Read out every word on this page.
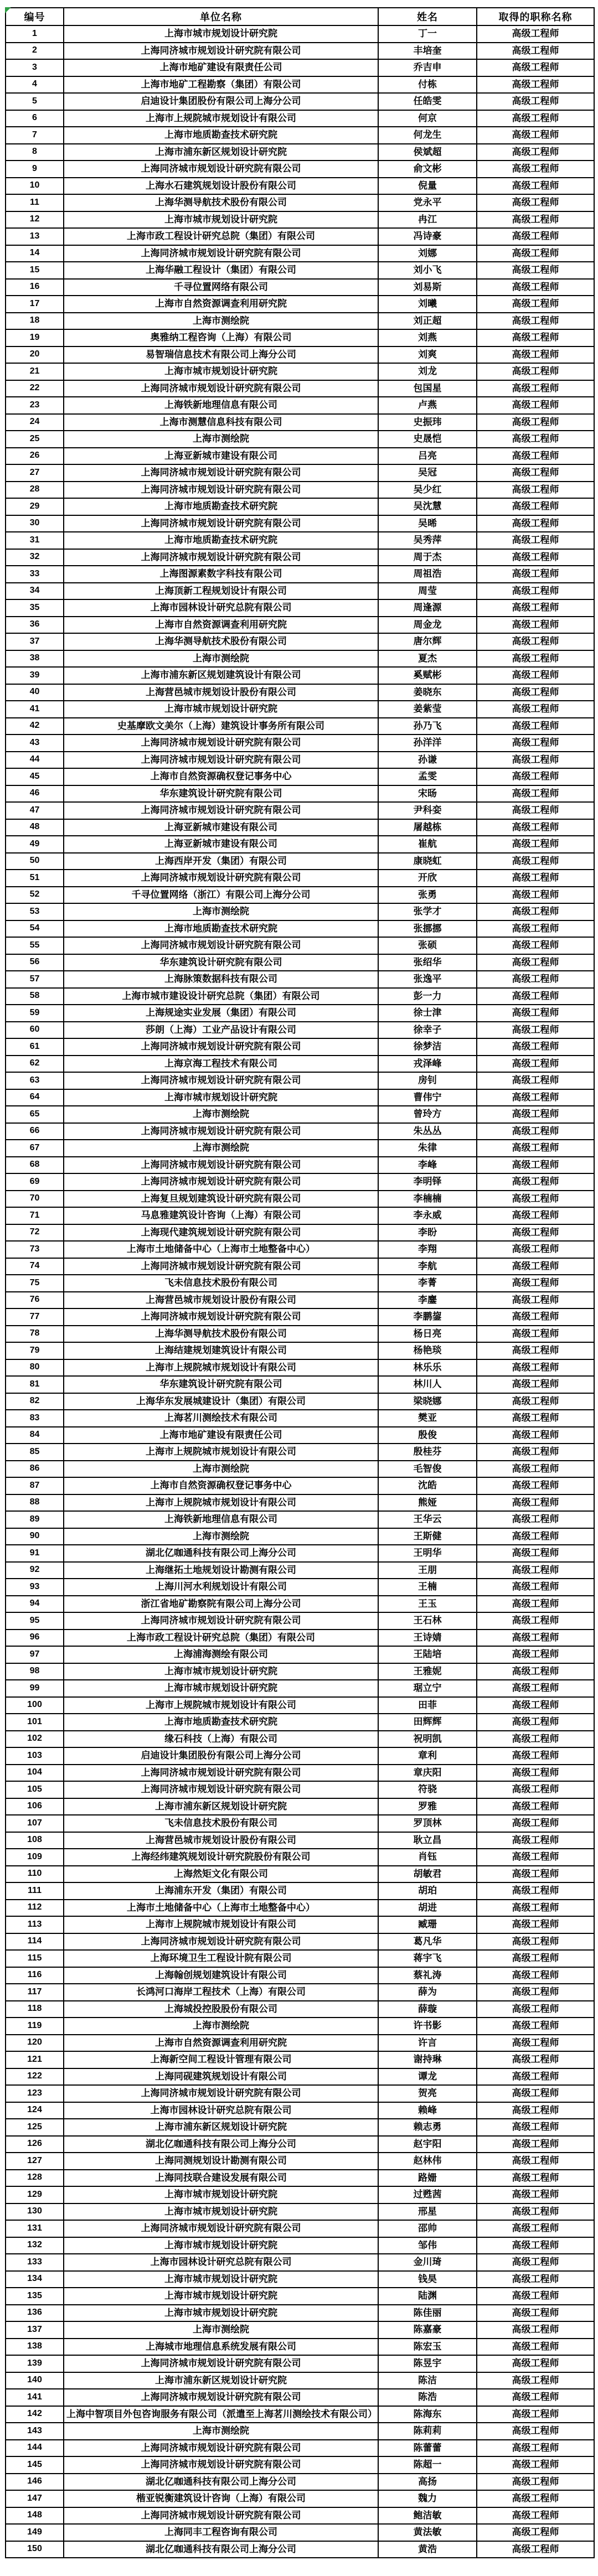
编号	单位名称	姓名	取得的职称名称
1	上海市城市规划设计研究院	丁一	高级工程师
2	上海同济城市规划设计研究院有限公司	丰培奎	高级工程师
3	上海市地矿建设有限责任公司	乔吉申	高级工程师
4	上海市地矿工程勘察（集团）有限公司	付栋	高级工程师
5	启迪设计集团股份有限公司上海分公司	任皓雯	高级工程师
6	上海市上规院城市规划设计有限公司	何京	高级工程师
7	上海市地质勘查技术研究院	何龙生	高级工程师
8	上海市浦东新区规划设计研究院	侯斌超	高级工程师
9	上海同济城市规划设计研究院有限公司	俞文彬	高级工程师
10	上海水石建筑规划设计股份有限公司	倪量	高级工程师
11	上海华测导航技术股份有限公司	党永平	高级工程师
12	上海市城市规划设计研究院	冉江	高级工程师
13	上海市政工程设计研究总院（集团）有限公司	冯诗豪	高级工程师
14	上海同济城市规划设计研究院有限公司	刘娜	高级工程师
15	上海华融工程设计（集团）有限公司	刘小飞	高级工程师
16	千寻位置网络有限公司	刘易斯	高级工程师
17	上海市自然资源调查利用研究院	刘曦	高级工程师
18	上海市测绘院	刘正超	高级工程师
19	奥雅纳工程咨询（上海）有限公司	刘燕	高级工程师
20	易智瑞信息技术有限公司上海分公司	刘爽	高级工程师
21	上海市城市规划设计研究院	刘龙	高级工程师
22	上海同济城市规划设计研究院有限公司	包国星	高级工程师
23	上海铁新地理信息有限公司	卢燕	高级工程师
24	上海市测慧信息科技有限公司	史振玮	高级工程师
25	上海市测绘院	史晟恺	高级工程师
26	上海亚新城市建设有限公司	吕亮	高级工程师
27	上海同济城市规划设计研究院有限公司	吴冠	高级工程师
28	上海同济城市规划设计研究院有限公司	吴少红	高级工程师
29	上海市地质勘查技术研究院	吴沈慧	高级工程师
30	上海同济城市规划设计研究院有限公司	吴晞	高级工程师
31	上海市地质勘查技术研究院	吴秀萍	高级工程师
32	上海同济城市规划设计研究院有限公司	周于杰	高级工程师
33	上海图源素数字科技有限公司	周祖浩	高级工程师
34	上海顶新工程规划设计有限公司	周莹	高级工程师
35	上海市园林设计研究总院有限公司	周逢源	高级工程师
36	上海市自然资源调查利用研究院	周金龙	高级工程师
37	上海华测导航技术股份有限公司	唐尔辉	高级工程师
38	上海市测绘院	夏杰	高级工程师
39	上海市浦东新区规划建筑设计有限公司	奚赋彬	高级工程师
40	上海营邑城市规划设计股份有限公司	姜晓东	高级工程师
41	上海市城市规划设计研究院	姜紫莹	高级工程师
42	史基摩欧文美尔（上海）建筑设计事务所有限公司	孙乃飞	高级工程师
43	上海同济城市规划设计研究院有限公司	孙洋洋	高级工程师
44	上海同济城市规划设计研究院有限公司	孙谦	高级工程师
45	上海市自然资源确权登记事务中心	孟雯	高级工程师
46	华东建筑设计研究院有限公司	宋旸	高级工程师
47	上海同济城市规划设计研究院有限公司	尹科娈	高级工程师
48	上海亚新城市建设有限公司	屠越栋	高级工程师
49	上海亚新城市建设有限公司	崔航	高级工程师
50	上海西岸开发（集团）有限公司	康晓虹	高级工程师
51	上海同济城市规划设计研究院有限公司	开欣	高级工程师
52	千寻位置网络（浙江）有限公司上海分公司	张勇	高级工程师
53	上海市测绘院	张学才	高级工程师
54	上海市地质勘查技术研究院	张挪挪	高级工程师
55	上海同济城市规划设计研究院有限公司	张硕	高级工程师
56	华东建筑设计研究院有限公司	张绍华	高级工程师
57	上海脉策数据科技有限公司	张逸平	高级工程师
58	上海市城市建设设计研究总院（集团）有限公司	彭一力	高级工程师
59	上海规途实业发展（集团）有限公司	徐士津	高级工程师
60	莎朗（上海）工业产品设计有限公司	徐幸子	高级工程师
61	上海同济城市规划设计研究院有限公司	徐梦洁	高级工程师
62	上海京海工程技术有限公司	戎泽峰	高级工程师
63	上海同济城市规划设计研究院有限公司	房钊	高级工程师
64	上海市城市规划设计研究院	曹伟宁	高级工程师
65	上海市测绘院	曾玲方	高级工程师
66	上海同济城市规划设计研究院有限公司	朱丛丛	高级工程师
67	上海市测绘院	朱律	高级工程师
68	上海同济城市规划设计研究院有限公司	李峰	高级工程师
69	上海同济城市规划设计研究院有限公司	李明铎	高级工程师
70	上海复旦规划建筑设计研究院有限公司	李楠楠	高级工程师
71	马息雅建筑设计咨询（上海）有限公司	李永威	高级工程师
72	上海现代建筑规划设计研究院有限公司	李盼	高级工程师
73	上海市土地储备中心（上海市土地整备中心）	李翔	高级工程师
74	上海同济城市规划设计研究院有限公司	李航	高级工程师
75	飞未信息技术股份有限公司	李菁	高级工程师
76	上海营邑城市规划设计股份有限公司	李鏖	高级工程师
77	上海同济城市规划设计研究院有限公司	李鹏鋆	高级工程师
78	上海华测导航技术股份有限公司	杨日亮	高级工程师
79	上海结建规划建筑设计有限公司	杨艳琰	高级工程师
80	上海市上规院城市规划设计有限公司	林乐乐	高级工程师
81	华东建筑设计研究院有限公司	林川人	高级工程师
82	上海华东发展城建设计（集团）有限公司	梁晓娜	高级工程师
83	上海茗川测绘技术有限公司	樊亚	高级工程师
84	上海市地矿建设有限责任公司	殷俊	高级工程师
85	上海市上规院城市规划设计有限公司	殷桂芬	高级工程师
86	上海市测绘院	毛智俊	高级工程师
87	上海市自然资源确权登记事务中心	沈皓	高级工程师
88	上海市上规院城市规划设计有限公司	熊娅	高级工程师
89	上海铁新地理信息有限公司	王华云	高级工程师
90	上海市测绘院	王斯健	高级工程师
91	湖北亿咖通科技有限公司上海分公司	王明华	高级工程师
92	上海继拓土地规划设计勘测有限公司	王朋	高级工程师
93	上海川河水利规划设计有限公司	王楠	高级工程师
94	浙江省地矿勘察院有限公司上海分公司	王玉	高级工程师
95	上海同济城市规划设计研究院有限公司	王石林	高级工程师
96	上海市政工程设计研究总院（集团）有限公司	王诗婧	高级工程师
97	上海浦海测绘有限公司	王陆培	高级工程师
98	上海市城市规划设计研究院	王雅妮	高级工程师
99	上海市城市规划设计研究院	琚立宁	高级工程师
100	上海市上规院城市规划设计有限公司	田菲	高级工程师
101	上海市地质勘查技术研究院	田辉辉	高级工程师
102	缘石科技（上海）有限公司	祝明凯	高级工程师
103	启迪设计集团股份有限公司上海分公司	章利	高级工程师
104	上海同济城市规划设计研究院有限公司	章庆阳	高级工程师
105	上海同济城市规划设计研究院有限公司	符骁	高级工程师
106	上海市浦东新区规划设计研究院	罗雅	高级工程师
107	飞未信息技术股份有限公司	罗顶林	高级工程师
108	上海营邑城市规划设计股份有限公司	耿立昌	高级工程师
109	上海经纬建筑规划设计研究院股份有限公司	肖钰	高级工程师
110	上海然矩文化有限公司	胡敏君	高级工程师
111	上海浦东开发（集团）有限公司	胡珀	高级工程师
112	上海市土地储备中心（上海市土地整备中心）	胡进	高级工程师
113	上海市上规院城市规划设计有限公司	臧珊	高级工程师
114	上海同济城市规划设计研究院有限公司	葛凡华	高级工程师
115	上海环境卫生工程设计院有限公司	蒋宇飞	高级工程师
116	上海翰创规划建筑设计有限公司	蔡礼涛	高级工程师
117	长鸿河口海岸工程技术（上海）有限公司	薛为	高级工程师
118	上海城投控股股份有限公司	薛璇	高级工程师
119	上海市测绘院	许书影	高级工程师
120	上海市自然资源调查利用研究院	许言	高级工程师
121	上海新空间工程设计管理有限公司	谢持琳	高级工程师
122	上海同砚建筑规划设计有限公司	谭龙	高级工程师
123	上海同济城市规划设计研究院有限公司	贺亮	高级工程师
124	上海市园林设计研究总院有限公司	赖峰	高级工程师
125	上海市浦东新区规划设计研究院	赖志勇	高级工程师
126	湖北亿咖通科技有限公司上海分公司	赵宇阳	高级工程师
127	上海同测规划设计勘测有限公司	赵林伟	高级工程师
128	上海同技联合建设发展有限公司	路姗	高级工程师
129	上海市城市规划设计研究院	过甦茜	高级工程师
130	上海市城市规划设计研究院	邢星	高级工程师
131	上海同济城市规划设计研究院有限公司	邵帅	高级工程师
132	上海市城市规划设计研究院	邹伟	高级工程师
133	上海市园林设计研究总院有限公司	金川琦	高级工程师
134	上海市城市规划设计研究院	钱昊	高级工程师
135	上海市城市规划设计研究院	陆渊	高级工程师
136	上海市城市规划设计研究院	陈佳丽	高级工程师
137	上海市测绘院	陈嘉豪	高级工程师
138	上海城市地理信息系统发展有限公司	陈宏玉	高级工程师
139	上海同济城市规划设计研究院有限公司	陈昱宇	高级工程师
140	上海市浦东新区规划设计研究院	陈洁	高级工程师
141	上海同济城市规划设计研究院有限公司	陈浩	高级工程师
142	上海中智项目外包咨询服务有限公司（派遣至上海茗川测绘技术有限公司）	陈海东	高级工程师
143	上海市测绘院	陈莉莉	高级工程师
144	上海同济城市规划设计研究院有限公司	陈蕾蕾	高级工程师
145	上海同济城市规划设计研究院有限公司	陈超一	高级工程师
146	湖北亿咖通科技有限公司上海分公司	高扬	高级工程师
147	楷亚锐衡建筑设计咨询（上海）有限公司	魏力	高级工程师
148	上海同济城市规划设计研究院有限公司	鲍洁敏	高级工程师
149	上海同丰工程咨询有限公司	黄法敏	高级工程师
150	湖北亿咖通科技有限公司上海分公司	黄浩	高级工程师
